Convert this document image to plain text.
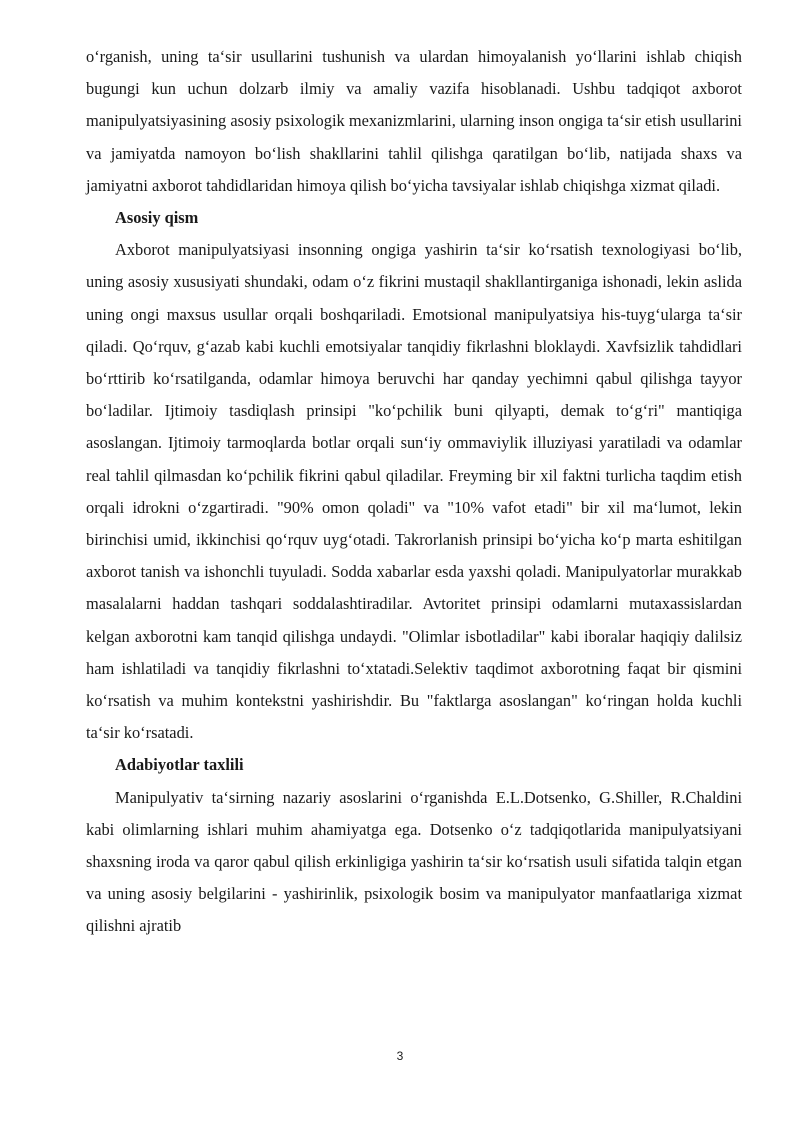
o‘rganish, uning ta‘sir usullarini tushunish va ulardan himoyalanish yo‘llarini ishlab chiqish bugungi kun uchun dolzarb ilmiy va amaliy vazifa hisoblanadi. Ushbu tadqiqot axborot manipulyatsiyasining asosiy psixologik mexanizmlarini, ularning inson ongiga ta‘sir etish usullarini va jamiyatda namoyon bo‘lish shakllarini tahlil qilishga qaratilgan bo‘lib, natijada shaxs va jamiyatni axborot tahdidlaridan himoya qilish bo‘yicha tavsiyalar ishlab chiqishga xizmat qiladi.

Asosiy qism

Axborot manipulyatsiyasi insonning ongiga yashirin ta‘sir ko‘rsatish texnologiyasi bo‘lib, uning asosiy xususiyati shundaki, odam o‘z fikrini mustaqil shakllantirganiga ishonadi, lekin aslida uning ongi maxsus usullar orqali boshqariladi. Emotsional manipulyatsiya his-tuyg‘ularga ta‘sir qiladi. Qo‘rquv, g‘azab kabi kuchli emotsiyalar tanqidiy fikrlashni bloklaydi. Xavfsizlik tahdidlari bo‘rttirib ko‘rsatilganda, odamlar himoya beruvchi har qanday yechimni qabul qilishga tayyor bo‘ladilar. Ijtimoiy tasdiqlash prinsipi "ko‘pchilik buni qilyapti, demak to‘g‘ri" mantiqiga asoslangan. Ijtimoiy tarmoqlarda botlar orqali sun‘iy ommaviylik illuziyasi yaratiladi va odamlar real tahlil qilmasdan ko‘pchilik fikrini qabul qiladilar. Freyming bir xil faktni turlicha taqdim etish orqali idrokni o‘zgartiradi. "90% omon qoladi" va "10% vafot etadi" bir xil ma‘lumot, lekin birinchisi umid, ikkinchisi qo‘rquv uyg‘otadi. Takrorlanish prinsipi bo‘yicha ko‘p marta eshitilgan axborot tanish va ishonchli tuyuladi. Sodda xabarlar esda yaxshi qoladi. Manipulyatorlar murakkab masalalarni haddan tashqari soddalashtiradilar. Avtoritet prinsipi odamlarni mutaxassislardan kelgan axborotni kam tanqid qilishga undaydi. "Olimlar isbotladilar" kabi iboralar haqiqiy dalilsiz ham ishlatiladi va tanqidiy fikrlashni to‘xtatadi.Selektiv taqdimot axborotning faqat bir qismini ko‘rsatish va muhim kontekstni yashirishdir. Bu "faktlarga asoslangan" ko‘ringan holda kuchli ta‘sir ko‘rsatadi.

Adabiyotlar taxlili

Manipulyativ ta‘sirning nazariy asoslarini o‘rganishda E.L.Dotsenko, G.Shiller, R.Chaldini kabi olimlarning ishlari muhim ahamiyatga ega. Dotsenko o‘z tadqiqotlarida manipulyatsiyani shaxsning iroda va qaror qabul qilish erkinligiga yashirin ta‘sir ko‘rsatish usuli sifatida talqin etgan va uning asosiy belgilarini - yashirinlik, psixologik bosim va manipulyator manfaatlariga xizmat qilishni ajratib

3
